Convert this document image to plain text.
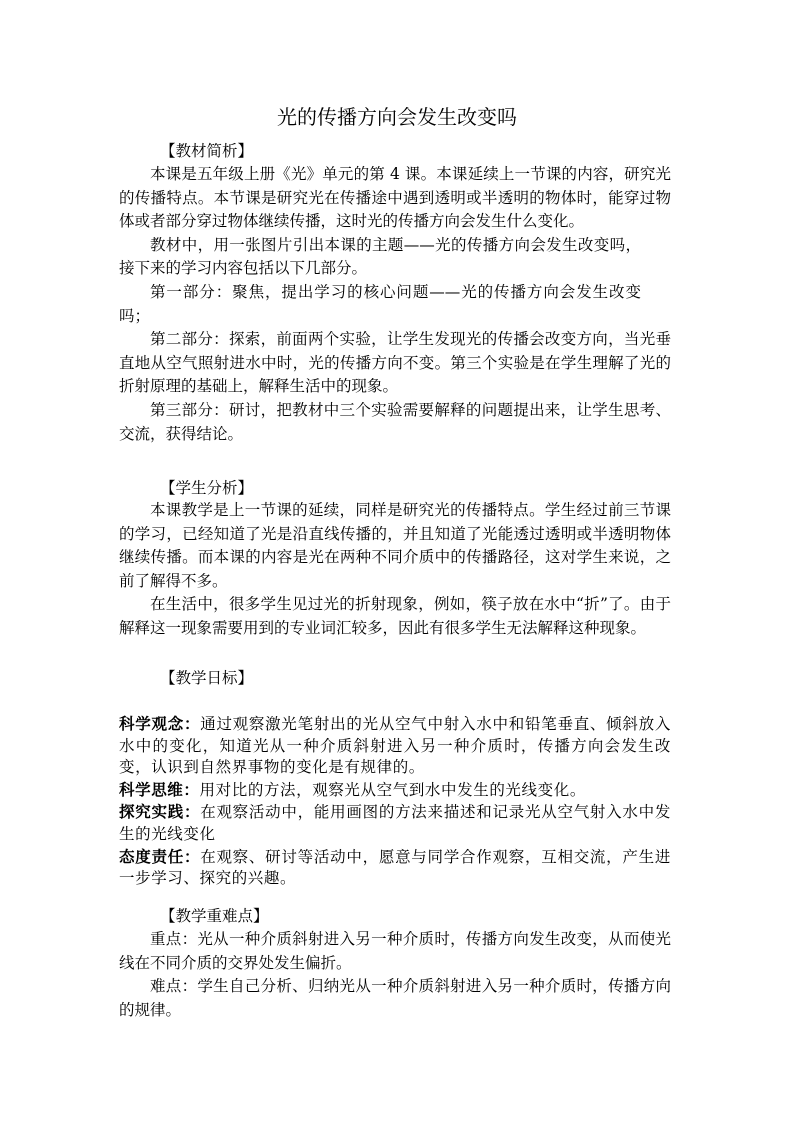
光的传播方向会发生改变吗
【教材简析】

本课是五年级上册《光》单元的第 4 课。本课延续上一节课的内容，研究光的传播特点。本节课是研究光在传播途中遇到透明或半透明的物体时，能穿过物体或者部分穿过物体继续传播，这时光的传播方向会发生什么变化。

教材中，用一张图片引出本课的主题——光的传播方向会发生改变吗，接下来的学习内容包括以下几部分。

第一部分：聚焦，提出学习的核心问题——光的传播方向会发生改变吗；

第二部分：探索，前面两个实验，让学生发现光的传播会改变方向，当光垂直地从空气照射进水中时，光的传播方向不变。第三个实验是在学生理解了光的折射原理的基础上，解释生活中的现象。

第三部分：研讨，把教材中三个实验需要解释的问题提出来，让学生思考、交流，获得结论。

【学生分析】

本课教学是上一节课的延续，同样是研究光的传播特点。学生经过前三节课的学习，已经知道了光是沿直线传播的，并且知道了光能透过透明或半透明物体继续传播。而本课的内容是光在两种不同介质中的传播路径，这对学生来说，之前了解得不多。

在生活中，很多学生见过光的折射现象，例如，筷子放在水中“折”了。由于解释这一现象需要用到的专业词汇较多，因此有很多学生无法解释这种现象。

【教学日标】

科学观念：通过观察激光笔射出的光从空气中射入水中和铅笔垂直、倾斜放入水中的变化，知道光从一种介质斜射进入另一种介质时，传播方向会发生改变，认识到自然界事物的变化是有规律的。

科学思维：用对比的方法，观察光从空气到水中发生的光线变化。

探究实践：在观察活动中，能用画图的方法来描述和记录光从空气射入水中发生的光线变化

态度责任：在观察、研讨等活动中，愿意与同学合作观察，互相交流，产生进一步学习、探究的兴趣。

【教学重难点】

重点：光从一种介质斜射进入另一种介质时，传播方向发生改变，从而使光线在不同介质的交界处发生偏折。

难点：学生自己分析、归纳光从一种介质斜射进入另一种介质时，传播方向的规律。
